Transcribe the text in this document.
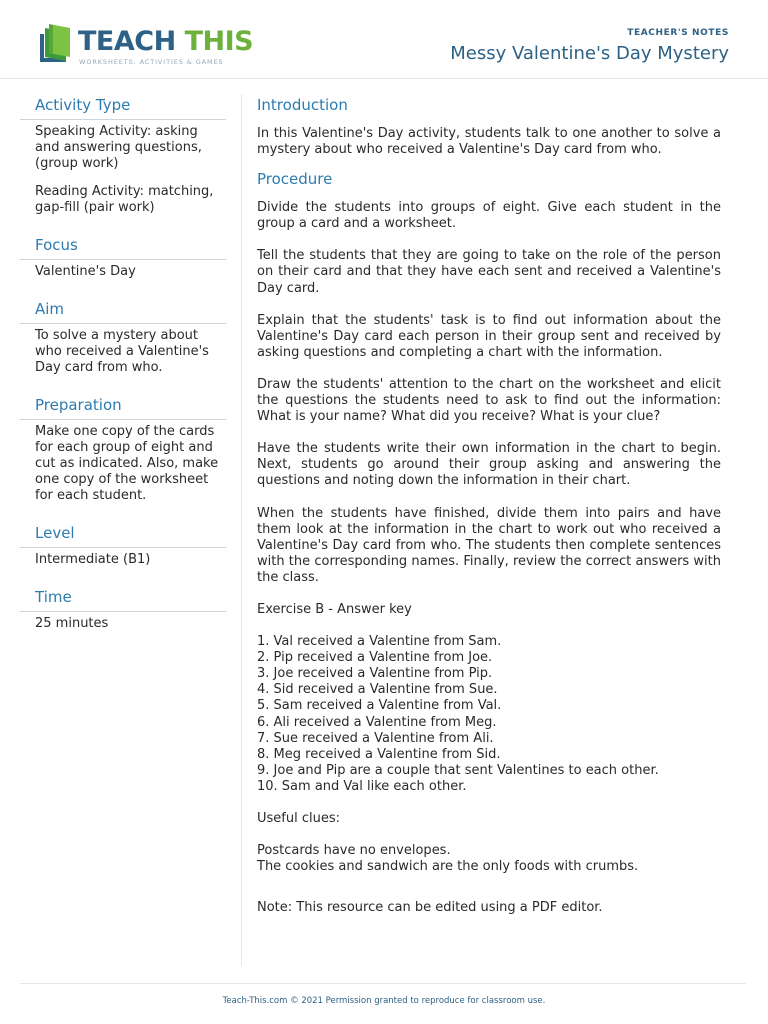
TEACH THIS
WORKSHEETS, ACTIVITIES & GAMES
TEACHER'S NOTES
Messy Valentine's Day Mystery
Activity Type

Speaking Activity: asking and answering questions, (group work)

Reading Activity: matching, gap-fill (pair work)

Focus

Valentine's Day

Aim

To solve a mystery about who received a Valentine's Day card from who.

Preparation

Make one copy of the cards for each group of eight and cut as indicated. Also, make one copy of the worksheet for each student.

Level

Intermediate (B1)

Time

25 minutes

Introduction

In this Valentine's Day activity, students talk to one another to solve a mystery about who received a Valentine's Day card from who.

Procedure

Divide the students into groups of eight. Give each student in the group a card and a worksheet.

Tell the students that they are going to take on the role of the person on their card and that they have each sent and received a Valentine's Day card.

Explain that the students' task is to find out information about the Valentine's Day card each person in their group sent and received by asking questions and completing a chart with the information.

Draw the students' attention to the chart on the worksheet and elicit the questions the students need to ask to find out the information: What is your name? What did you receive? What is your clue?

Have the students write their own information in the chart to begin. Next, students go around their group asking and answering the questions and noting down the information in their chart.

When the students have finished, divide them into pairs and have them look at the information in the chart to work out who received a Valentine's Day card from who. The students then complete sentences with the corresponding names. Finally, review the correct answers with the class.

Exercise B - Answer key

1. Val received a Valentine from Sam.
2. Pip received a Valentine from Joe.
3. Joe received a Valentine from Pip.
4. Sid received a Valentine from Sue.
5. Sam received a Valentine from Val.
6. Ali received a Valentine from Meg.
7. Sue received a Valentine from Ali.
8. Meg received a Valentine from Sid.
9. Joe and Pip are a couple that sent Valentines to each other.
10. Sam and Val like each other.

Useful clues:

Postcards have no envelopes.
The cookies and sandwich are the only foods with crumbs.

Note: This resource can be edited using a PDF editor.

Teach-This.com © 2021 Permission granted to reproduce for classroom use.
